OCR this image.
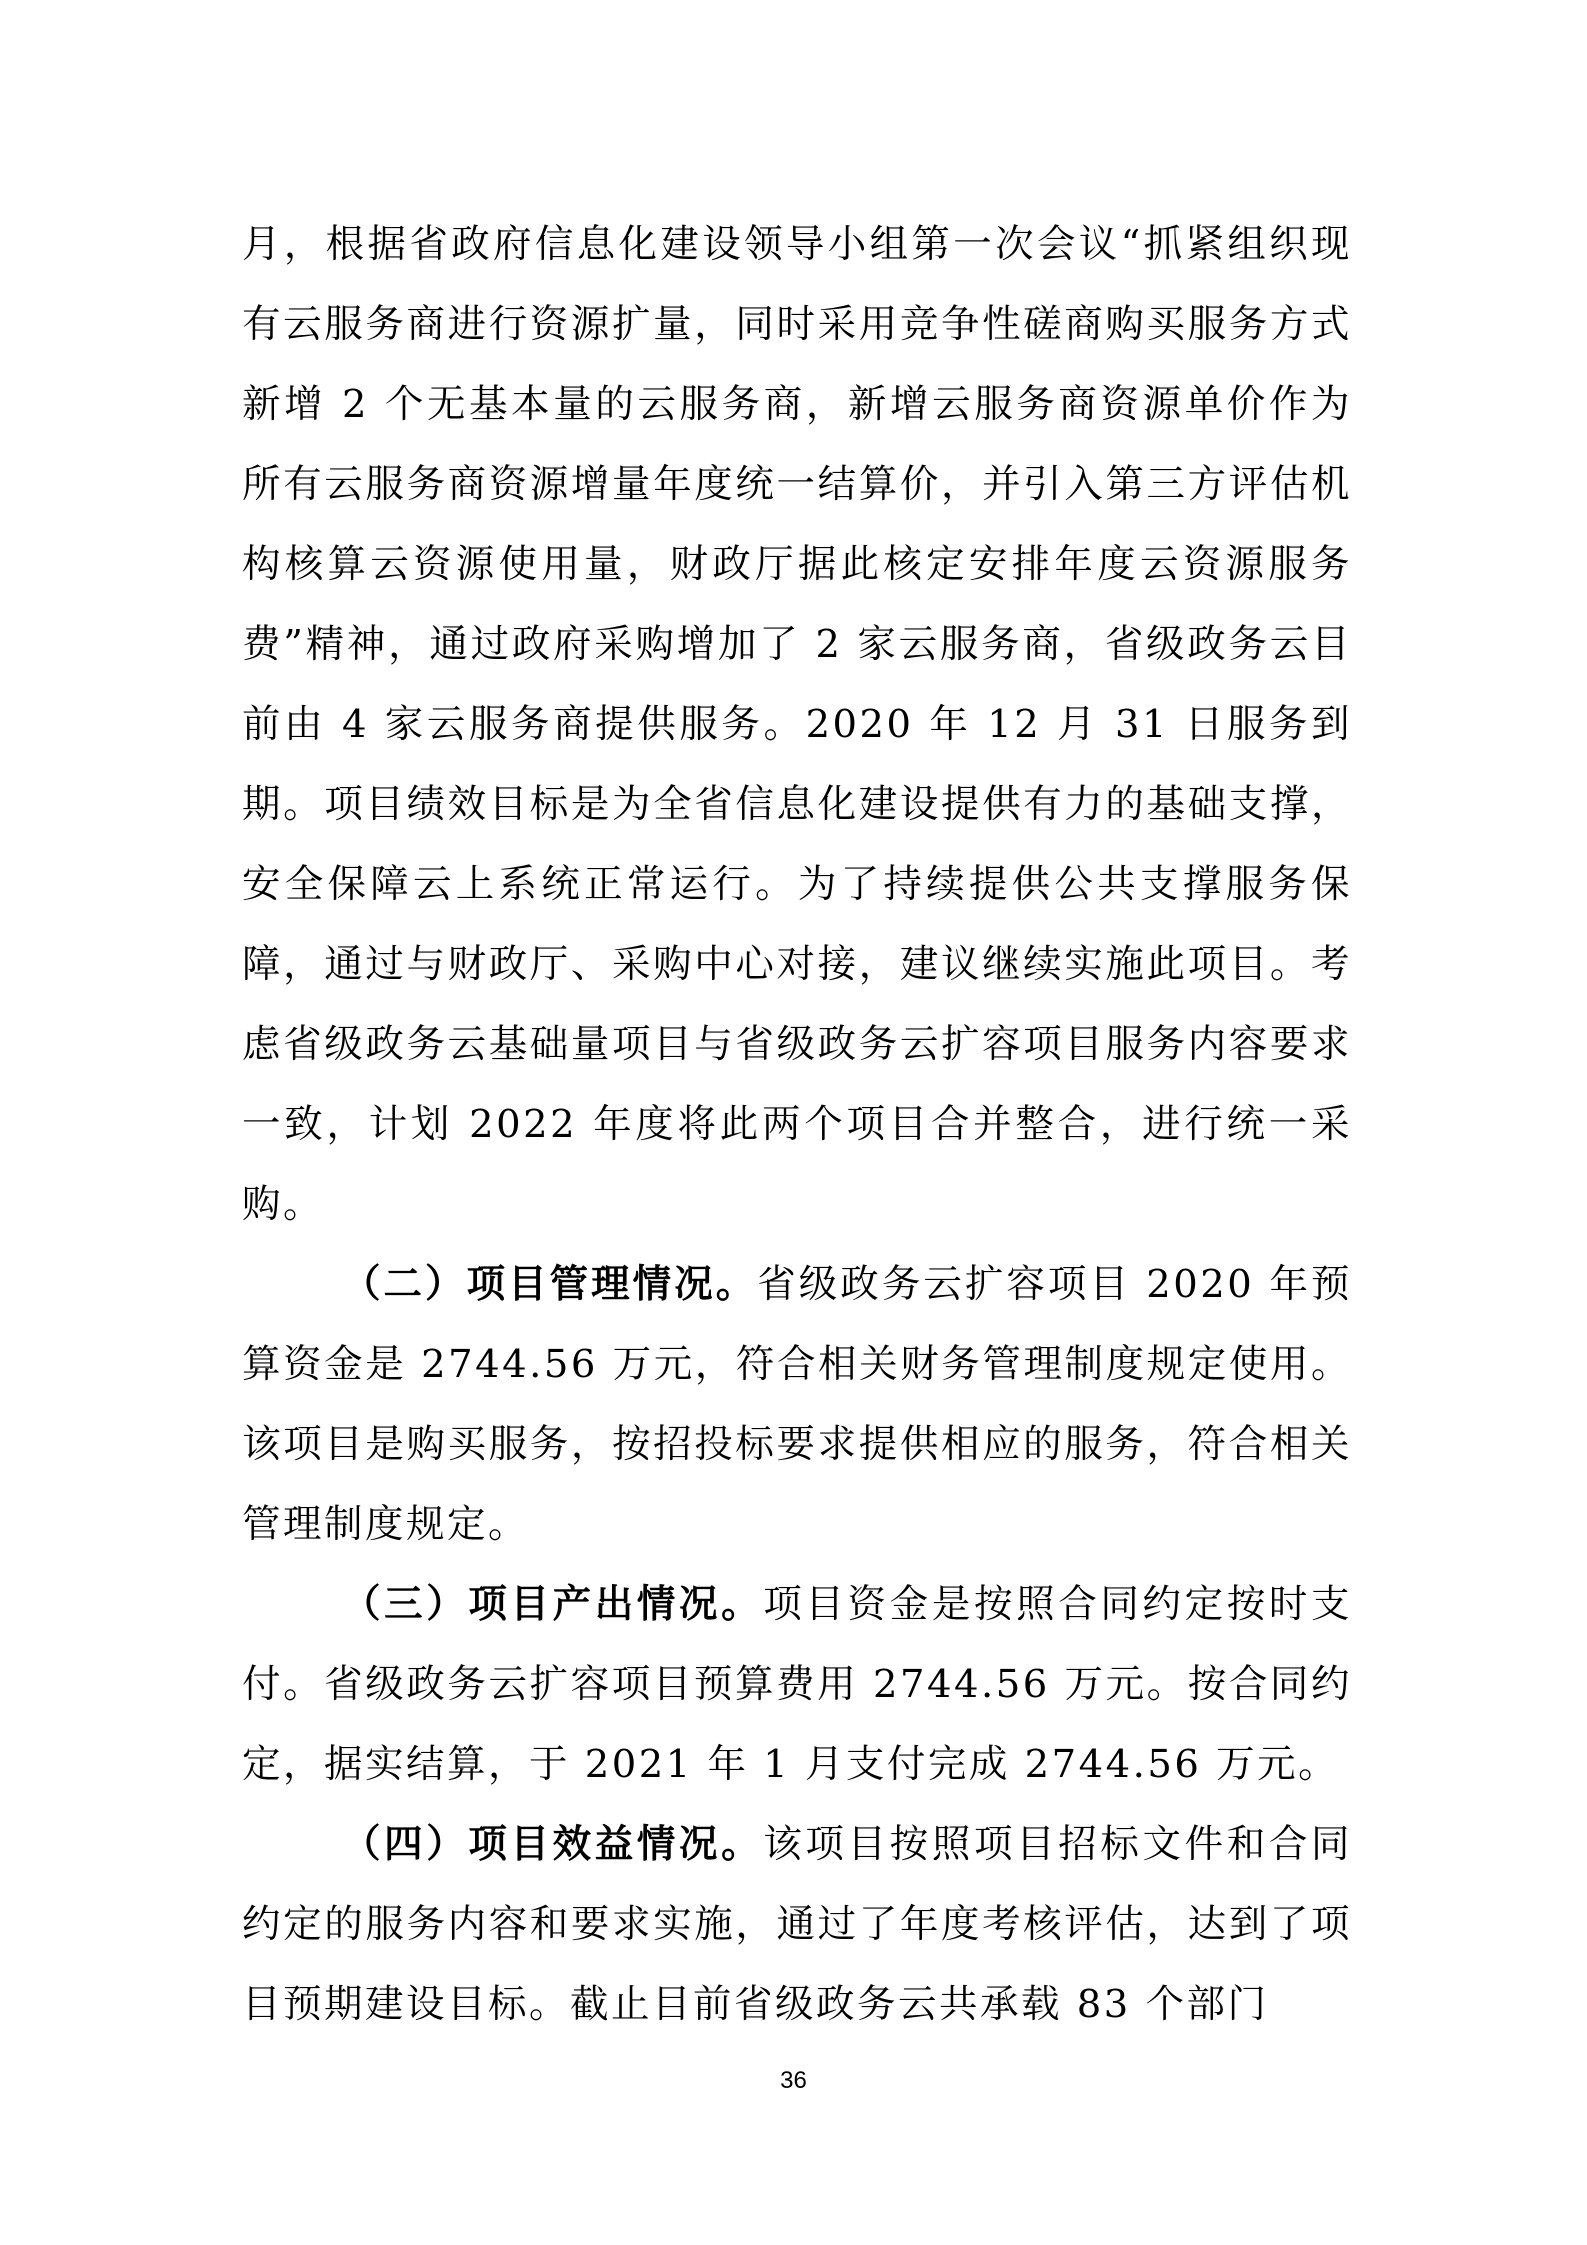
月，根据省政府信息化建设领导小组第一次会议“抓紧组织现有云服务商进行资源扩量，同时采用竞争性磋商购买服务方式新增 2 个无基本量的云服务商，新增云服务商资源单价作为所有云服务商资源增量年度统一结算价，并引入第三方评估机构核算云资源使用量，财政厅据此核定安排年度云资源服务费”精神，通过政府采购增加了 2 家云服务商，省级政务云目前由 4 家云服务商提供服务。2020 年 12 月 31 日服务到期。项目绩效目标是为全省信息化建设提供有力的基础支撑，安全保障云上系统正常运行。为了持续提供公共支撑服务保障，通过与财政厅、采购中心对接，建议继续实施此项目。考虑省级政务云基础量项目与省级政务云扩容项目服务内容要求一致，计划 2022 年度将此两个项目合并整合，进行统一采购。

（二）项目管理情况。省级政务云扩容项目 2020 年预算资金是 2744.56 万元，符合相关财务管理制度规定使用。该项目是购买服务，按招投标要求提供相应的服务，符合相关管理制度规定。

（三）项目产出情况。项目资金是按照合同约定按时支付。省级政务云扩容项目预算费用 2744.56 万元。按合同约定，据实结算，于 2021 年 1 月支付完成 2744.56 万元。

（四）项目效益情况。该项目按照项目招标文件和合同约定的服务内容和要求实施，通过了年度考核评估，达到了项目预期建设目标。截止目前省级政务云共承载 83 个部门

36
